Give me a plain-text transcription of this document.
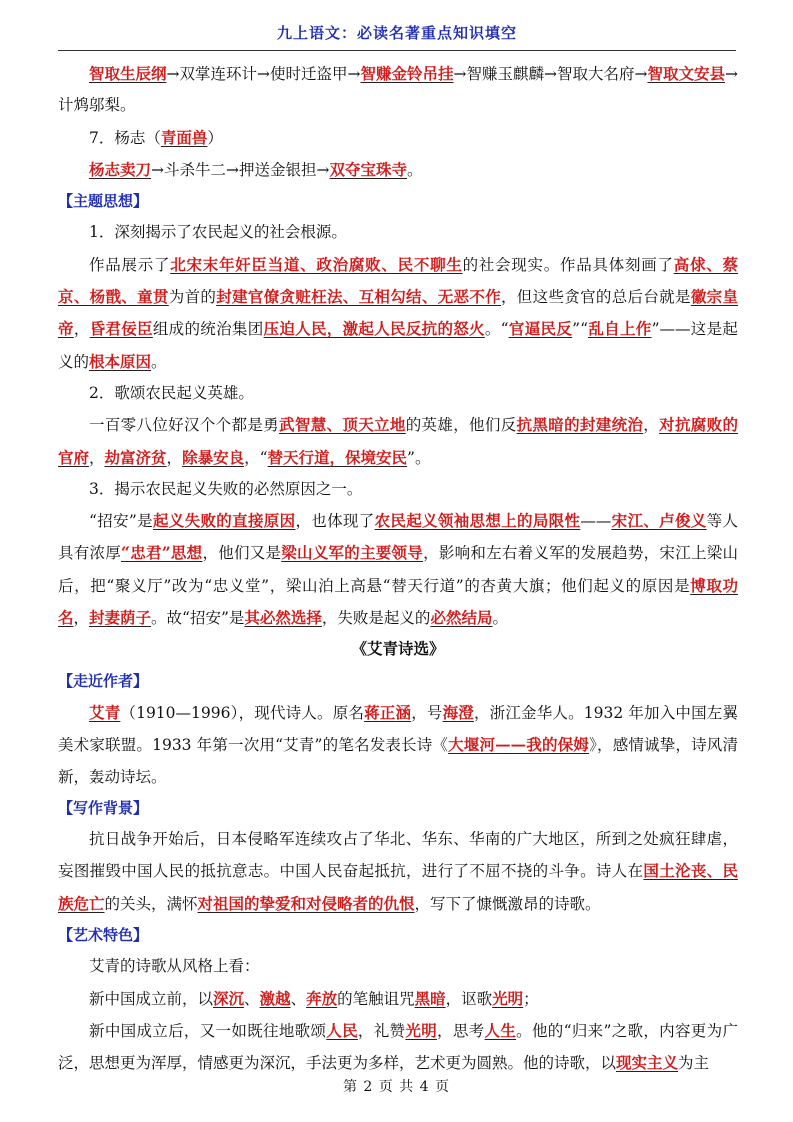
九上语文：必读名著重点知识填空

智取生辰纲→双掌连环计→使时迁盗甲→智赚金铃吊挂→智赚玉麒麟→智取大名府→智取文安县→计鸩邬梨。

7．杨志（青面兽）

杨志卖刀→斗杀牛二→押送金银担→双夺宝珠寺。

【主题思想】

1．深刻揭示了农民起义的社会根源。

作品展示了北宋末年奸臣当道、政治腐败、民不聊生的社会现实。作品具体刻画了高俅、蔡京、杨戬、童贯为首的封建官僚贪赃枉法、互相勾结、无恶不作，但这些贪官的总后台就是徽宗皇帝，昏君佞臣组成的统治集团压迫人民，激起人民反抗的怒火。“官逼民反”“乱自上作”——这是起义的根本原因。

2．歌颂农民起义英雄。

一百零八位好汉个个都是勇武智慧、顶天立地的英雄，他们反抗黑暗的封建统治，对抗腐败的官府，劫富济贫，除暴安良，“替天行道，保境安民”。

3．揭示农民起义失败的必然原因之一。

“招安”是起义失败的直接原因，也体现了农民起义领袖思想上的局限性——宋江、卢俊义等人具有浓厚“忠君”思想，他们又是梁山义军的主要领导，影响和左右着义军的发展趋势，宋江上梁山后，把“聚义厅”改为“忠义堂”，梁山泊上高悬“替天行道”的杏黄大旗；他们起义的原因是博取功名，封妻荫子。故“招安”是其必然选择，失败是起义的必然结局。

《艾青诗选》

【走近作者】

艾青（1910—1996），现代诗人。原名蒋正涵，号海澄，浙江金华人。1932 年加入中国左翼美术家联盟。1933 年第一次用“艾青”的笔名发表长诗《大堰河——我的保姆》，感情诚挚，诗风清新，轰动诗坛。

【写作背景】

抗日战争开始后，日本侵略军连续攻占了华北、华东、华南的广大地区，所到之处疯狂肆虐，妄图摧毁中国人民的抵抗意志。中国人民奋起抵抗，进行了不屈不挠的斗争。诗人在国土沦丧、民族危亡的关头，满怀对祖国的挚爱和对侵略者的仇恨，写下了慷慨激昂的诗歌。

【艺术特色】

艾青的诗歌从风格上看：

新中国成立前，以深沉、激越、奔放的笔触诅咒黑暗，讴歌光明；

新中国成立后，又一如既往地歌颂人民，礼赞光明，思考人生。他的“归来”之歌，内容更为广泛，思想更为浑厚，情感更为深沉，手法更为多样，艺术更为圆熟。他的诗歌，以现实主义为主

第 2 页 共 4 页
